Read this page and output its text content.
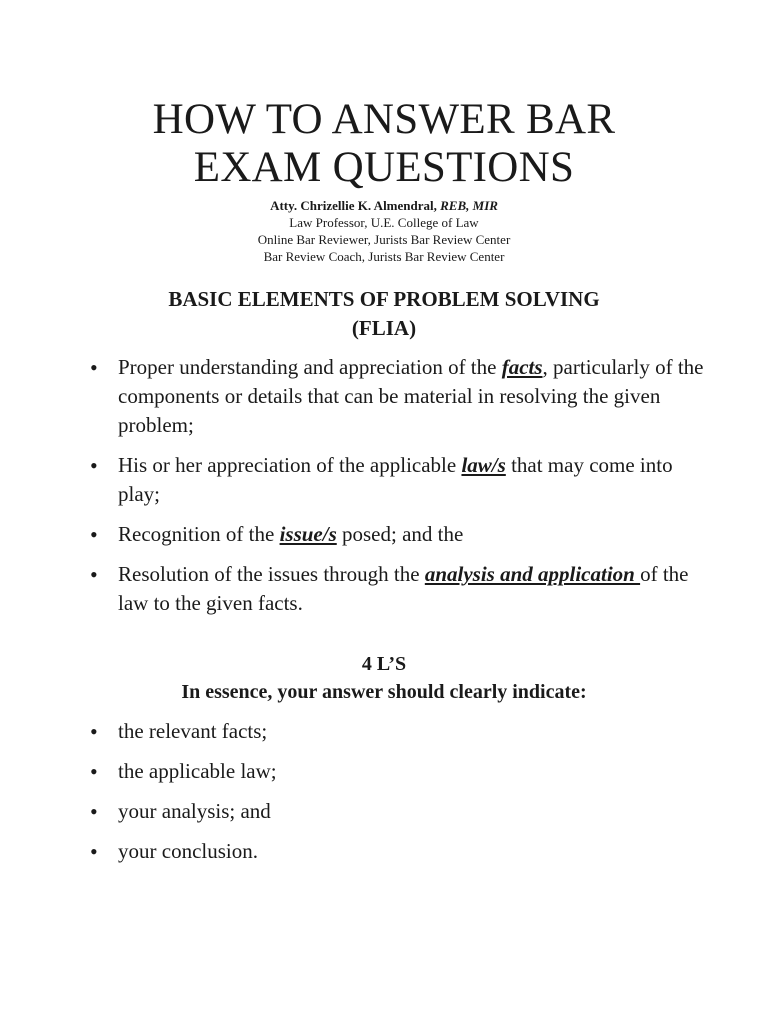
HOW TO ANSWER BAR
EXAM QUESTIONS
Atty. Chrizellie K. Almendral, REB, MIR
Law Professor, U.E. College of Law
Online Bar Reviewer, Jurists Bar Review Center
Bar Review Coach, Jurists Bar Review Center
BASIC ELEMENTS OF PROBLEM SOLVING
(FLIA)
• Proper understanding and appreciation of the facts, particularly of the components or details that can be material in resolving the given problem;
• His or her appreciation of the applicable law/s that may come into play;
• Recognition of the issue/s posed; and the
• Resolution of the issues through the analysis and application of the law to the given facts.
4 L’S
In essence, your answer should clearly indicate:
• the relevant facts;
• the applicable law;
• your analysis; and
• your conclusion.
